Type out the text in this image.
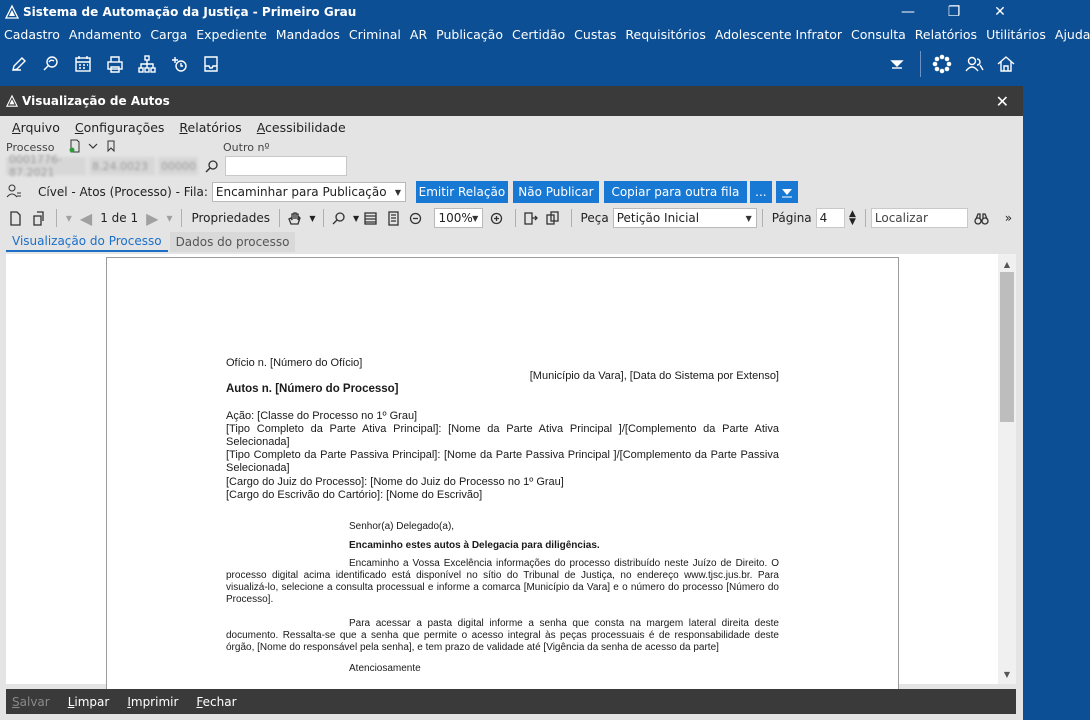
Sistema de Automação da Justiça - Primeiro Grau	—	❐	✕
Cadastro Andamento Carga Expediente Mandados Criminal AR Publicação Certidão Custas Requisitórios Adolescente Infrator Consulta Relatórios Utilitários Ajuda
Visualização de Autos	✕
Arquivo Configurações Relatórios Acessibilidade
Processo	Outro nº
0001776-87.2021	8.24.0023	00000
Cível - Atos (Processo) - Fila: Encaminhar para Publicação	▼	Emitir Relação	Não Publicar	Copiar para outra fila	...
▾ ◀ 1 de 1 ▶ ▾ Propriedades	▼	▼	100% ▼	Peça Petição Inicial	▼	Página 4	▲
▼	Localizar	»
Visualização do Processo	Dados do processo

Ofício n. [Número do Ofício]

[Município da Vara], [Data do Sistema por Extenso]

Autos n. [Número do Processo]

Ação: [Classe do Processo no 1º Grau]

[Tipo Completo da Parte Ativa Principal]: [Nome da Parte Ativa Principal ]/[Complemento da Parte Ativa Selecionada]

[Tipo Completo da Parte Passiva Principal]: [Nome da Parte Passiva Principal ]/[Complemento da Parte Passiva Selecionada]

[Cargo do Juiz do Processo]: [Nome do Juiz do Processo no 1º Grau]

[Cargo do Escrivão do Cartório]: [Nome do Escrivão]

Senhor(a) Delegado(a),

Encaminho estes autos à Delegacia para diligências.

Encaminho a Vossa Excelência informações do processo distribuído neste Juízo de Direito. O processo digital acima identificado está disponível no sítio do Tribunal de Justiça, no endereço www.tjsc.jus.br. Para visualizá-lo, selecione a consulta processual e informe a comarca [Município da Vara] e o número do processo [Número do Processo].

Para acessar a pasta digital informe a senha que consta na margem lateral direita deste documento. Ressalta-se que a senha que permite o acesso integral às peças processuais é de responsabilidade deste órgão, [Nome do responsável pela senha], e tem prazo de validade até [Vigência da senha de acesso da parte]

Atenciosamente

▲
▼
Salvar Limpar Imprimir Fechar
